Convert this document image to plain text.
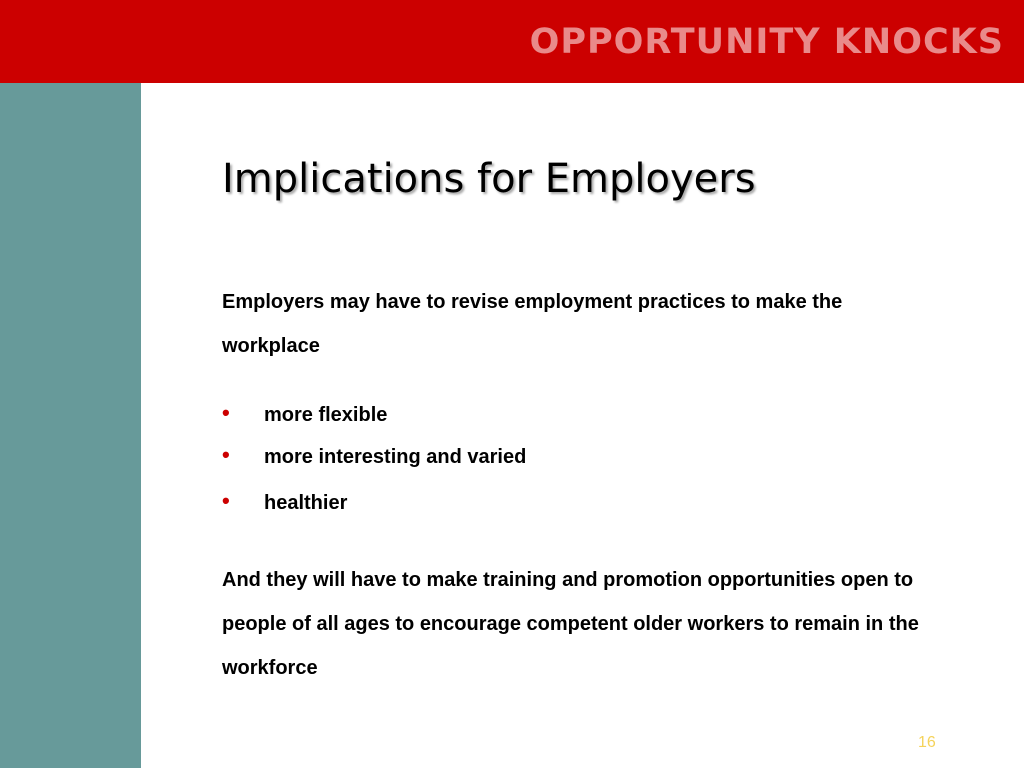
OPPORTUNITY KNOCKS
Implications for Employers

Employers may have to revise employment practices to make the workplace

• more flexible
• more interesting and varied
• healthier

And they will have to make training and promotion opportunities open to people of all ages to encourage competent older workers to remain in the workforce

16
